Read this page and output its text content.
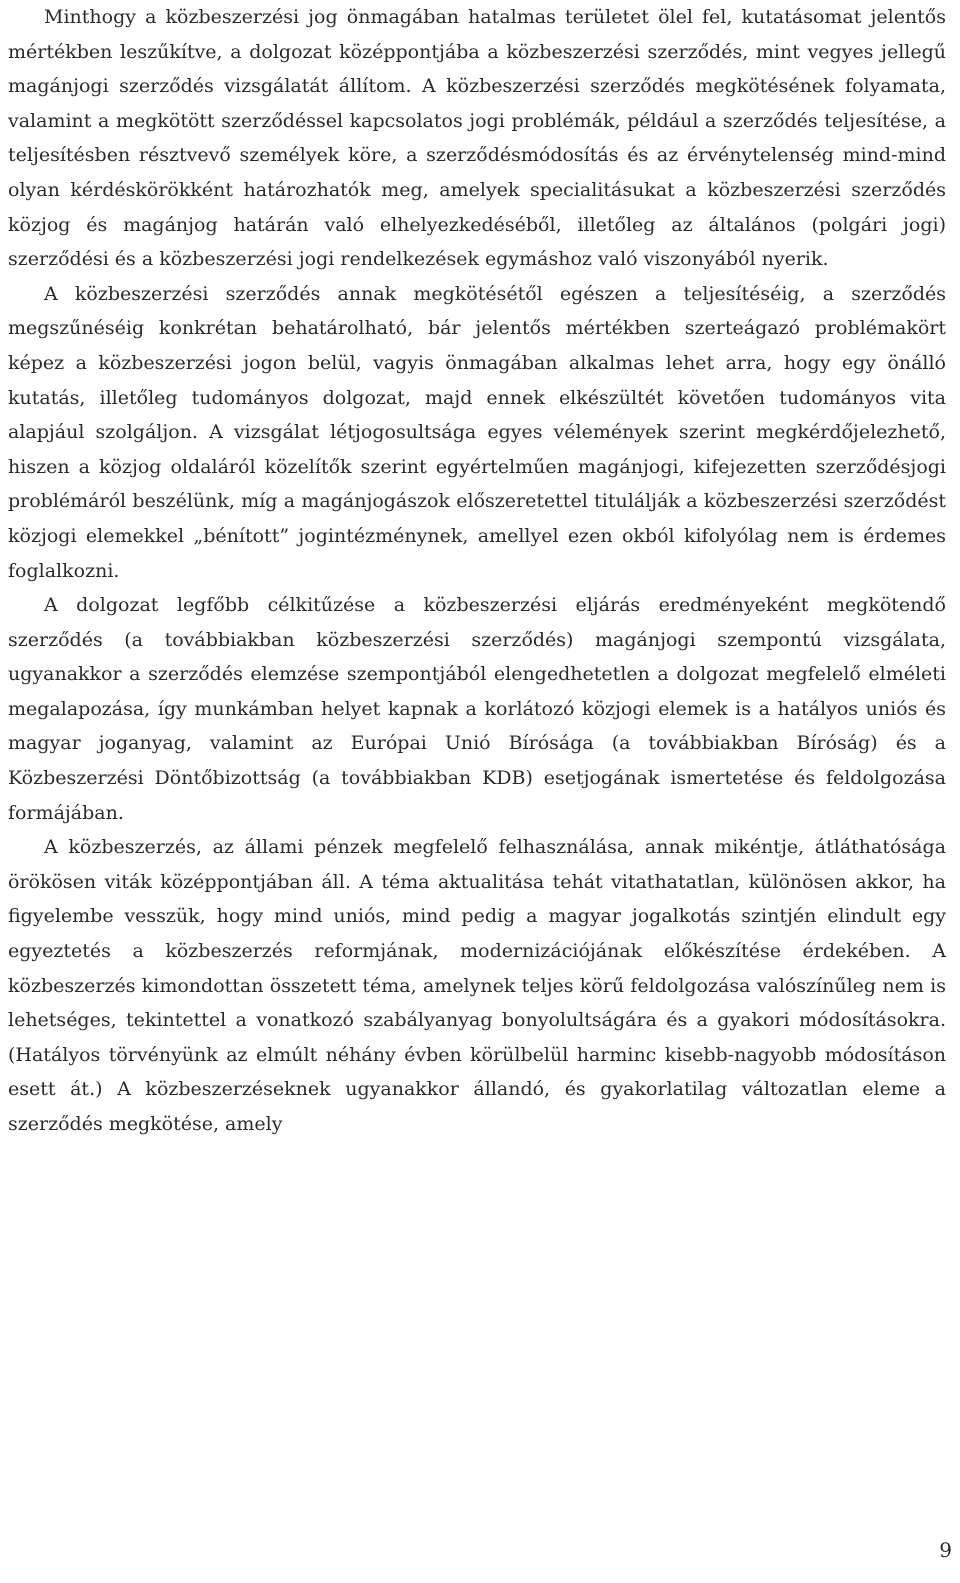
Minthogy a közbeszerzési jog önmagában hatalmas területet ölel fel, kutatásomat jelentős mértékben leszűkítve, a dolgozat középpontjába a közbeszerzési szerződés, mint vegyes jellegű magánjogi szerződés vizsgálatát állítom. A közbeszerzési szerződés megkötésének folyamata, valamint a megkötött szerződéssel kapcsolatos jogi problémák, például a szerződés teljesítése, a teljesítésben résztvevő személyek köre, a szerződésmódosítás és az érvénytelenség mind-mind olyan kérdéskörökként határozhatók meg, amelyek specialitásukat a közbeszerzési szerződés közjog és magánjog határán való elhelyezkedéséből, illetőleg az általános (polgári jogi) szerződési és a közbeszerzési jogi rendelkezések egymáshoz való viszonyából nyerik.

A közbeszerzési szerződés annak megkötésétől egészen a teljesítéséig, a szerződés megszűnéséig konkrétan behatárolható, bár jelentős mértékben szerteágazó problémakört képez a közbeszerzési jogon belül, vagyis önmagában alkalmas lehet arra, hogy egy önálló kutatás, illetőleg tudományos dolgozat, majd ennek elkészültét követően tudományos vita alapjául szolgáljon. A vizsgálat létjogosultsága egyes vélemények szerint megkérdőjelezhető, hiszen a közjog oldaláról közelítők szerint egyértelműen magánjogi, kifejezetten szerződésjogi problémáról beszélünk, míg a magánjogászok előszeretettel titulálják a közbeszerzési szerződést közjogi elemekkel „bénított” jogintézménynek, amellyel ezen okból kifolyólag nem is érdemes foglalkozni.

A dolgozat legfőbb célkitűzése a közbeszerzési eljárás eredményeként megkötendő szerződés (a továbbiakban közbeszerzési szerződés) magánjogi szempontú vizsgálata, ugyanakkor a szerződés elemzése szempontjából elengedhetetlen a dolgozat megfelelő elméleti megalapozása, így munkámban helyet kapnak a korlátozó közjogi elemek is a hatályos uniós és magyar joganyag, valamint az Európai Unió Bírósága (a továbbiakban Bíróság) és a Közbeszerzési Döntőbizottság (a továbbiakban KDB) esetjogának ismertetése és feldolgozása formájában.

A közbeszerzés, az állami pénzek megfelelő felhasználása, annak mikéntje, átláthatósága örökösen viták középpontjában áll. A téma aktualitása tehát vitathatatlan, különösen akkor, ha figyelembe vesszük, hogy mind uniós, mind pedig a magyar jogalkotás szintjén elindult egy egyeztetés a közbeszerzés reformjának, modernizációjának előkészítése érdekében. A közbeszerzés kimondottan összetett téma, amelynek teljes körű feldolgozása valószínűleg nem is lehetséges, tekintettel a vonatkozó szabályanyag bonyolultságára és a gyakori módosításokra. (Hatályos törvényünk az elmúlt néhány évben körülbelül harminc kisebb-nagyobb módosításon esett át.) A közbeszerzéseknek ugyanakkor állandó, és gyakorlatilag változatlan eleme a szerződés megkötése, amely

9
